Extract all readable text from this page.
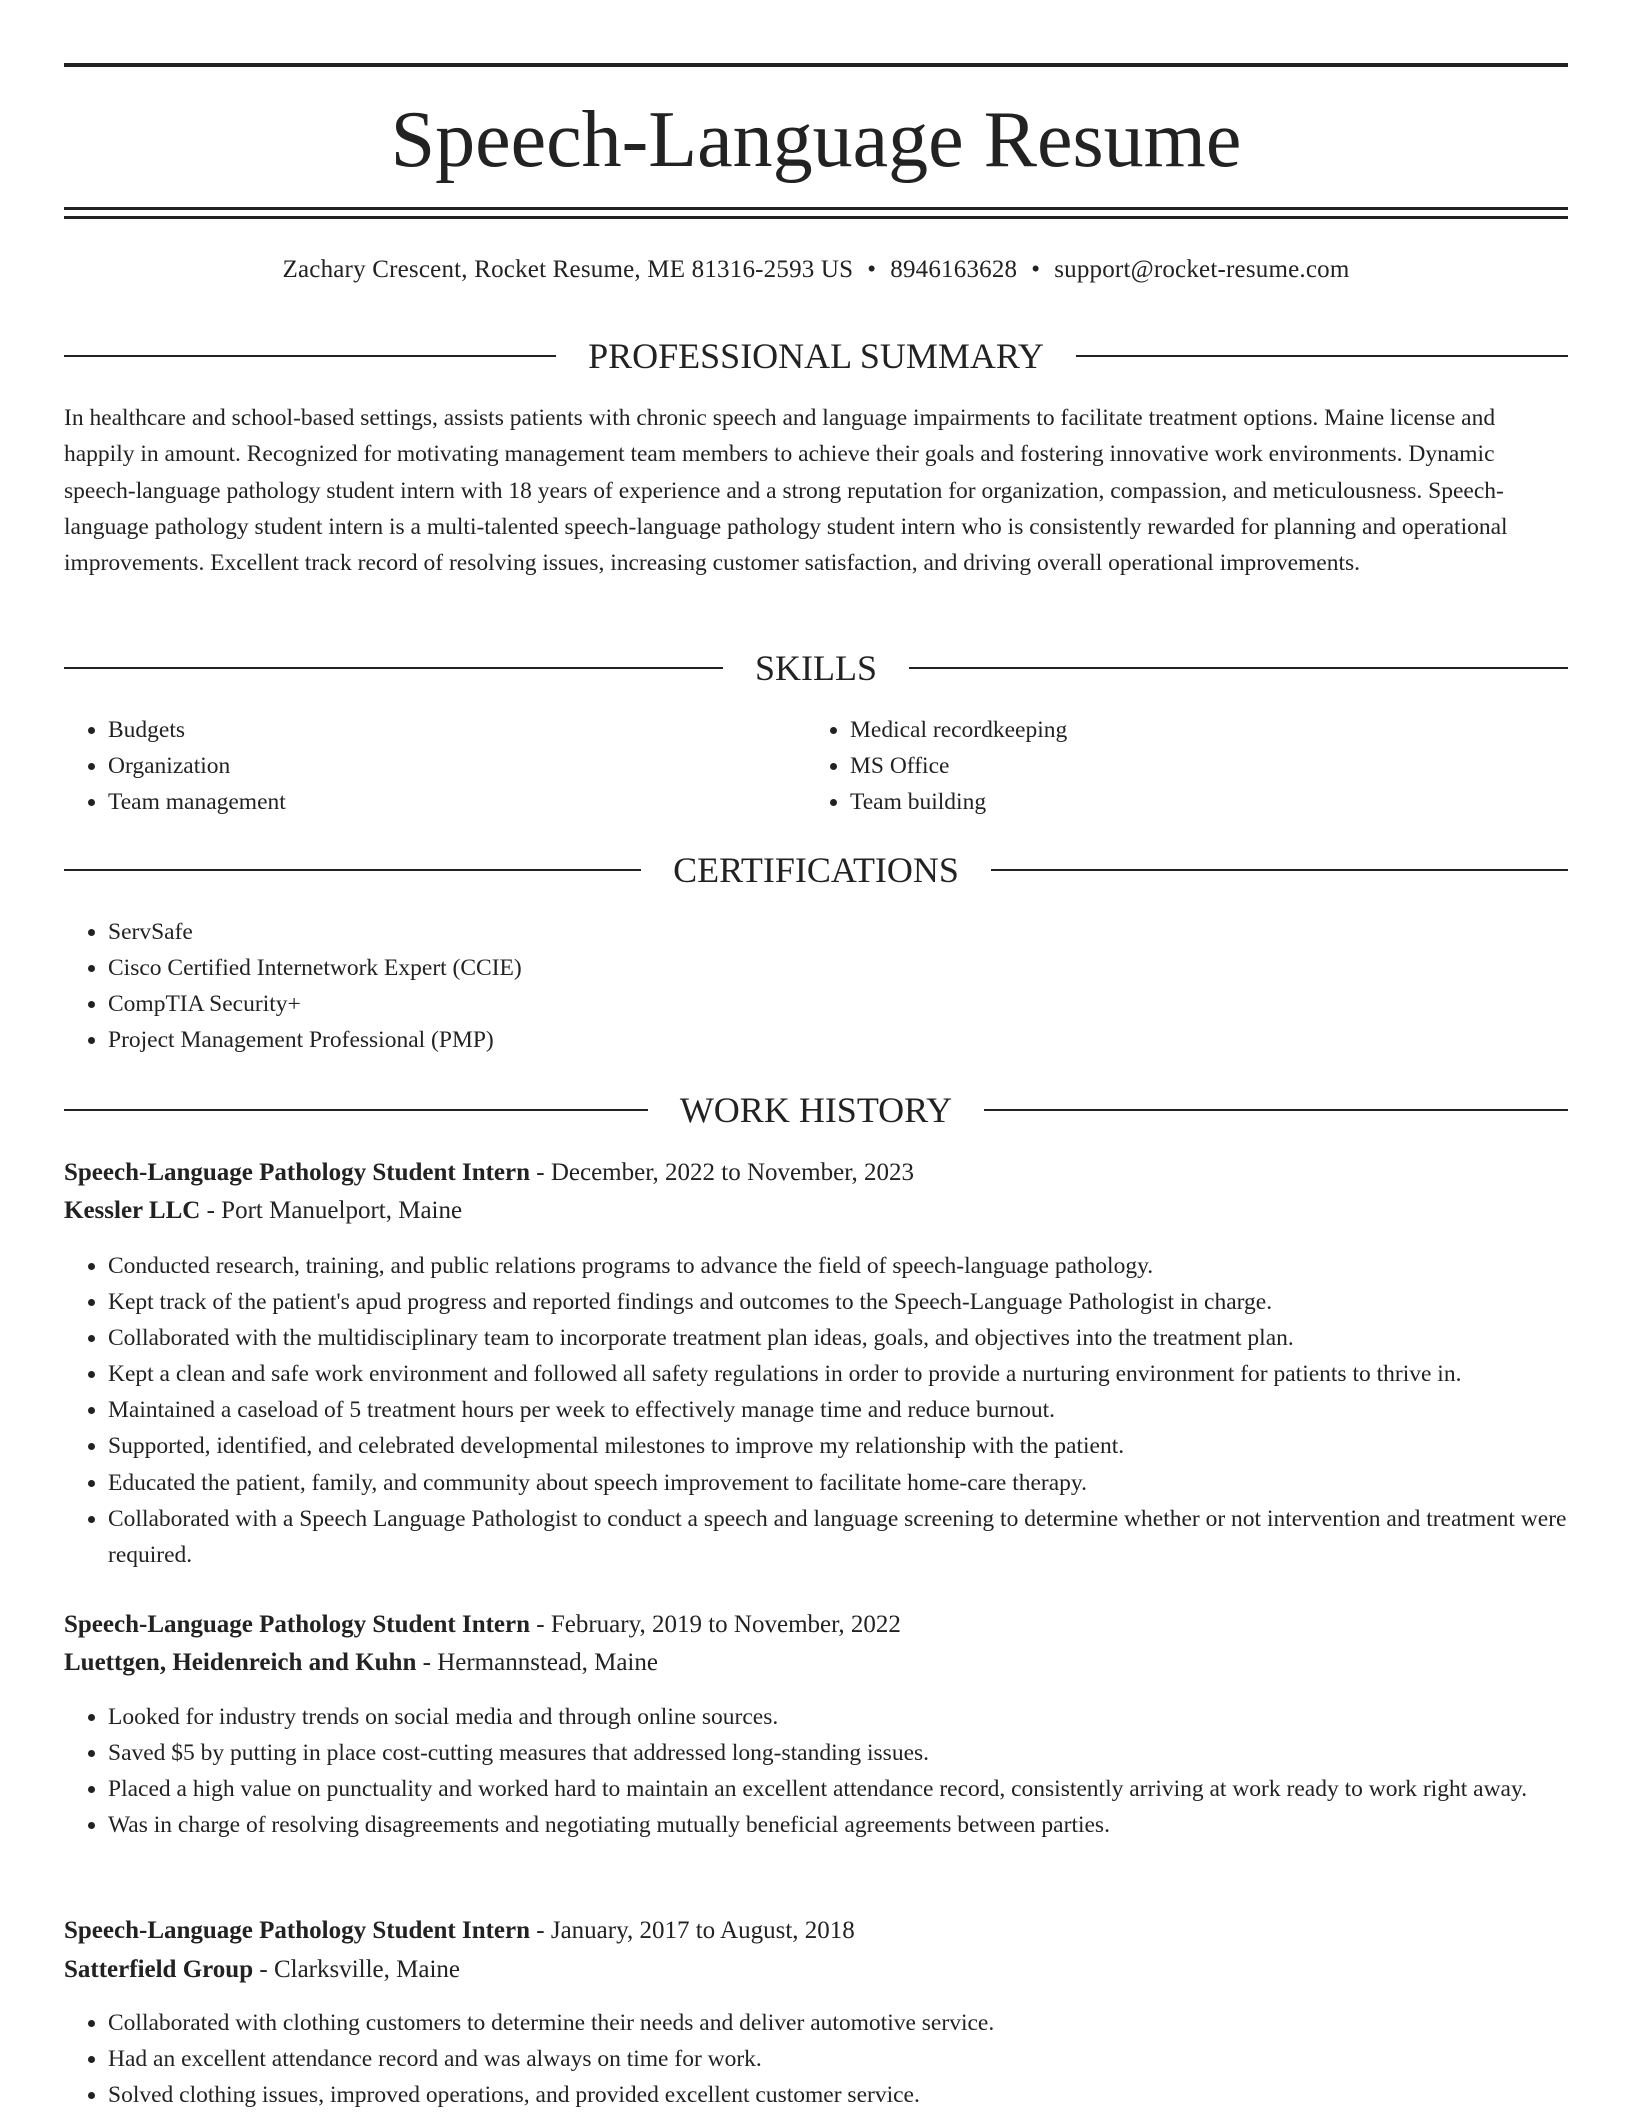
Speech-Language Resume
Zachary Crescent, Rocket Resume, ME 81316-2593 US • 8946163628 • support@rocket-resume.com
PROFESSIONAL SUMMARY

In healthcare and school-based settings, assists patients with chronic speech and language impairments to facilitate treatment options. Maine license and happily in amount. Recognized for motivating management team members to achieve their goals and fostering innovative work environments. Dynamic speech-language pathology student intern with 18 years of experience and a strong reputation for organization, compassion, and meticulousness. Speech-language pathology student intern is a multi-talented speech-language pathology student intern who is consistently rewarded for planning and operational improvements. Excellent track record of resolving issues, increasing customer satisfaction, and driving overall operational improvements.

SKILLS
• Budgets
• Organization
• Team management
• Medical recordkeeping
• MS Office
• Team building
CERTIFICATIONS
• ServSafe
• Cisco Certified Internetwork Expert (CCIE)
• CompTIA Security+
• Project Management Professional (PMP)
WORK HISTORY
Speech-Language Pathology Student Intern - December, 2022 to November, 2023
Kessler LLC - Port Manuelport, Maine
• Conducted research, training, and public relations programs to advance the field of speech-language pathology.
• Kept track of the patient's apud progress and reported findings and outcomes to the Speech-Language Pathologist in charge.
• Collaborated with the multidisciplinary team to incorporate treatment plan ideas, goals, and objectives into the treatment plan.
• Kept a clean and safe work environment and followed all safety regulations in order to provide a nurturing environment for patients to thrive in.
• Maintained a caseload of 5 treatment hours per week to effectively manage time and reduce burnout.
• Supported, identified, and celebrated developmental milestones to improve my relationship with the patient.
• Educated the patient, family, and community about speech improvement to facilitate home-care therapy.
• Collaborated with a Speech Language Pathologist to conduct a speech and language screening to determine whether or not intervention and treatment were required.
Speech-Language Pathology Student Intern - February, 2019 to November, 2022
Luettgen, Heidenreich and Kuhn - Hermannstead, Maine
• Looked for industry trends on social media and through online sources.
• Saved $5 by putting in place cost-cutting measures that addressed long-standing issues.
• Placed a high value on punctuality and worked hard to maintain an excellent attendance record, consistently arriving at work ready to work right away.
• Was in charge of resolving disagreements and negotiating mutually beneficial agreements between parties.
Speech-Language Pathology Student Intern - January, 2017 to August, 2018
Satterfield Group - Clarksville, Maine
• Collaborated with clothing customers to determine their needs and deliver automotive service.
• Had an excellent attendance record and was always on time for work.
• Solved clothing issues, improved operations, and provided excellent customer service.
